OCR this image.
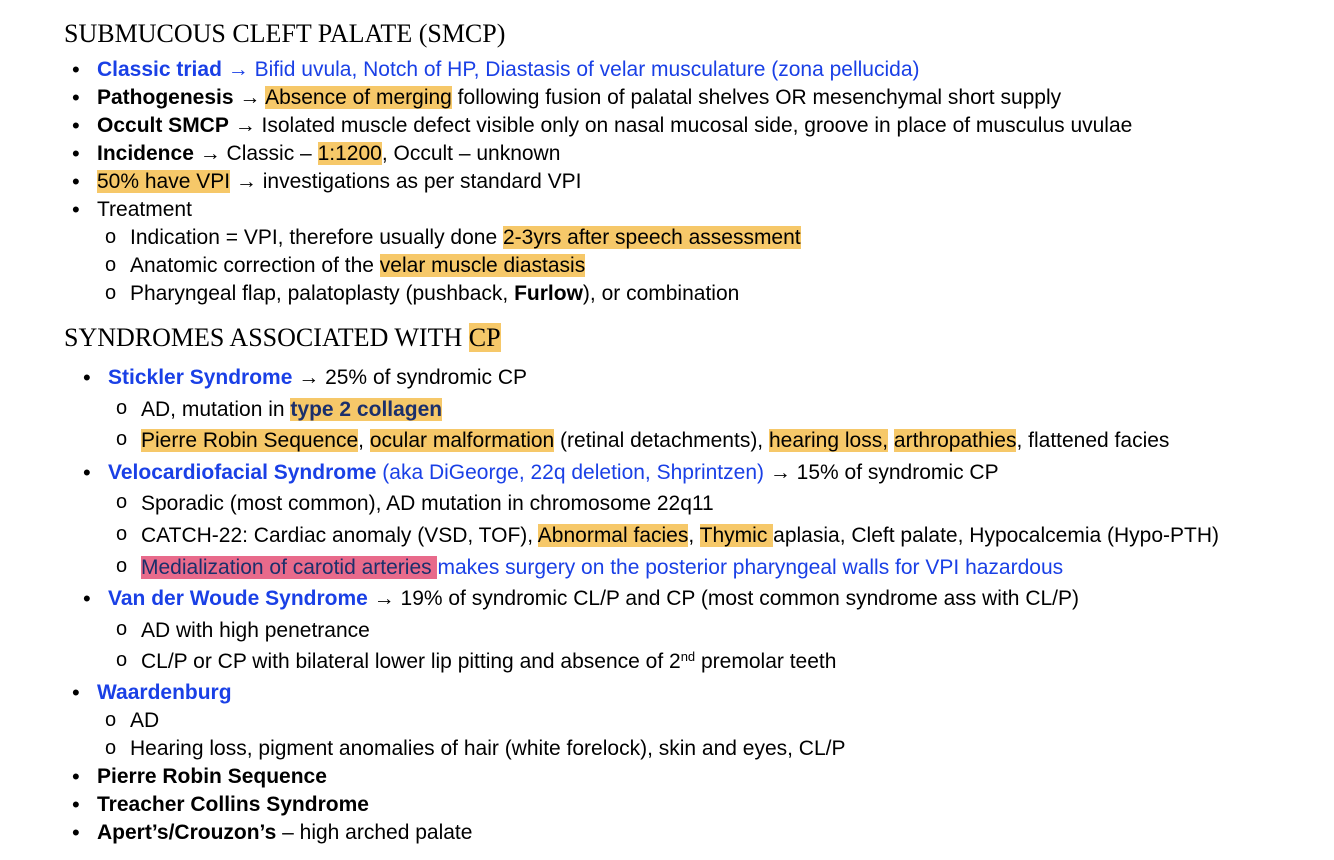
SUBMUCOUS CLEFT PALATE (SMCP)
• Classic triad → Bifid uvula, Notch of HP, Diastasis of velar musculature (zona pellucida)
• Pathogenesis → Absence of merging following fusion of palatal shelves OR mesenchymal short supply
• Occult SMCP → Isolated muscle defect visible only on nasal mucosal side, groove in place of musculus uvulae
• Incidence → Classic – 1:1200, Occult – unknown
• 50% have VPI → investigations as per standard VPI
• Treatment
o Indication = VPI, therefore usually done 2-3yrs after speech assessment
o Anatomic correction of the velar muscle diastasis
o Pharyngeal flap, palatoplasty (pushback, Furlow), or combination
SYNDROMES ASSOCIATED WITH CP
• Stickler Syndrome → 25% of syndromic CP
o AD, mutation in type 2 collagen
o Pierre Robin Sequence, ocular malformation (retinal detachments), hearing loss, arthropathies, flattened facies
• Velocardiofacial Syndrome (aka DiGeorge, 22q deletion, Shprintzen) → 15% of syndromic CP
o Sporadic (most common), AD mutation in chromosome 22q11
o CATCH-22: Cardiac anomaly (VSD, TOF), Abnormal facies, Thymic aplasia, Cleft palate, Hypocalcemia (Hypo-PTH)
o Medialization of carotid arteries makes surgery on the posterior pharyngeal walls for VPI hazardous
• Van der Woude Syndrome → 19% of syndromic CL/P and CP (most common syndrome ass with CL/P)
o AD with high penetrance
o CL/P or CP with bilateral lower lip pitting and absence of 2nd premolar teeth
• Waardenburg
o AD
o Hearing loss, pigment anomalies of hair (white forelock), skin and eyes, CL/P
• Pierre Robin Sequence
• Treacher Collins Syndrome
• Apert’s/Crouzon’s – high arched palate
